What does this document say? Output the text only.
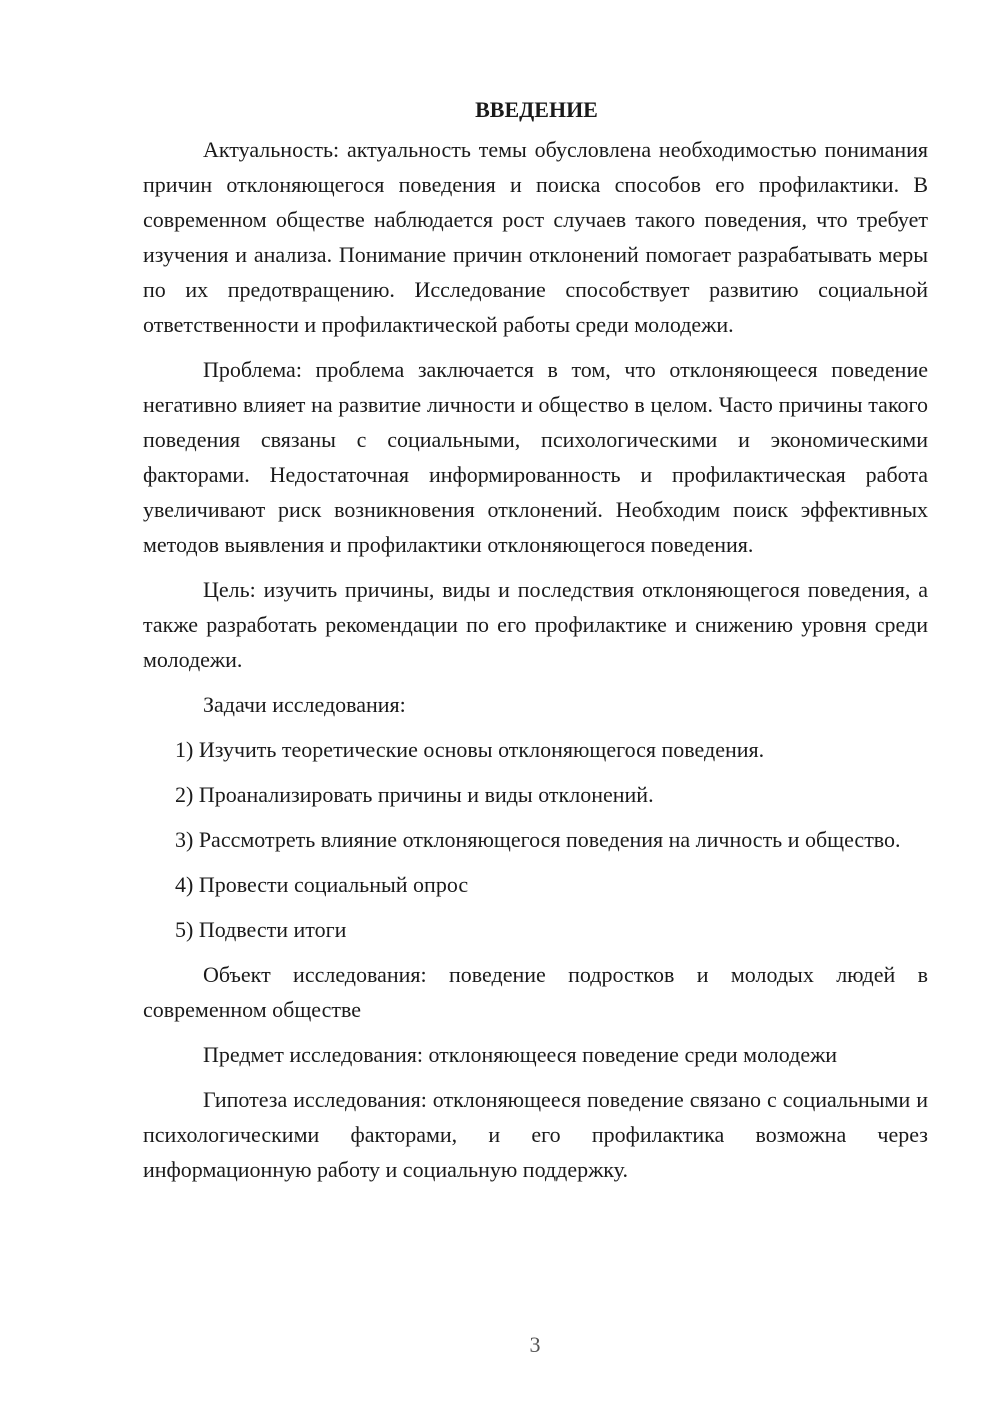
ВВЕДЕНИЕ

Актуальность: актуальность темы обусловлена необходимостью понимания причин отклоняющегося поведения и поиска способов его профилактики. В современном обществе наблюдается рост случаев такого поведения, что требует изучения и анализа. Понимание причин отклонений помогает разрабатывать меры по их предотвращению. Исследование способствует развитию социальной ответственности и профилактической работы среди молодежи.

Проблема: проблема заключается в том, что отклоняющееся поведение негативно влияет на развитие личности и общество в целом. Часто причины такого поведения связаны с социальными, психологическими и экономическими факторами. Недостаточная информированность и профилактическая работа увеличивают риск возникновения отклонений. Необходим поиск эффективных методов выявления и профилактики отклоняющегося поведения.

Цель: изучить причины, виды и последствия отклоняющегося поведения, а также разработать рекомендации по его профилактике и снижению уровня среди молодежи.

Задачи исследования:

1) Изучить теоретические основы отклоняющегося поведения.

2) Проанализировать причины и виды отклонений.

3) Рассмотреть влияние отклоняющегося поведения на личность и общество.

4) Провести социальный опрос

5) Подвести итоги

Объект исследования: поведение подростков и молодых людей в современном обществе

Предмет исследования: отклоняющееся поведение среди молодежи

Гипотеза исследования: отклоняющееся поведение связано с социальными и психологическими факторами, и его профилактика возможна через информационную работу и социальную поддержку.

3
